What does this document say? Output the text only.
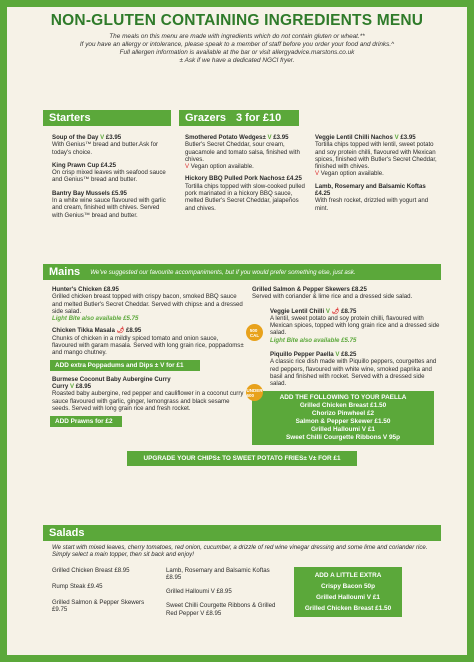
NON-GLUTEN CONTAINING INGREDIENTS MENU
The meals on this menu are made with ingredients which do not contain gluten or wheat.**
If you have an allergy or intolerance, please speak to a member of staff before you order your food and drinks.^
Full allergen information is available at the bar or visit allergyadvice.marstons.co.uk
± Ask if we have a dedicated NGCI fryer.
Starters
Soup of the Day V £3.95
With Genius™ bread and butter.Ask for today's choice.
King Prawn Cup £4.25
On crisp mixed leaves with seafood sauce and Genius™ bread and butter.
Bantry Bay Mussels £5.95
In a white wine sauce flavoured with garlic and cream, finished with chives. Served with Genius™ bread and butter.
Grazers 3 for £10
Smothered Potato Wedges± V £3.95
Butler's Secret Cheddar, sour cream, guacamole and tomato salsa, finished with chives.
V Vegan option available.
Hickory BBQ Pulled Pork Nachos± £4.25
Tortilla chips topped with slow-cooked pulled pork marinated in a hickory BBQ sauce, melted Butler's Secret Cheddar, jalapeños and chives.
Veggie Lentil Chilli Nachos V £3.95
Tortilla chips topped with lentil, sweet potato and soy protein chilli, flavoured with Mexican spices, finished with Butler's Secret Cheddar, finished with chives.
V Vegan option available.
Lamb, Rosemary and Balsamic Koftas £4.25
With fresh rocket, drizzled with yogurt and mint.
Mains We've suggested our favourite accompaniments, but if you would prefer something else, just ask.
Hunter's Chicken £8.95
Grilled chicken breast topped with crispy bacon, smoked BBQ sauce and melted Butler's Secret Cheddar. Served with chips± and a dressed side salad.
Light Bite also available £5.75
Chicken Tikka Masala 🌶 £8.95
Chunks of chicken in a mildly spiced tomato and onion sauce, flavoured with garam masala. Served with long grain rice, poppadoms± and mango chutney.
ADD extra Poppadums and Dips ± V for £1
Burmese Coconut Baby Aubergine Curry
Curry V £8.95
Roasted baby aubergine, red pepper and cauliflower in a coconut curry sauce flavoured with garlic, ginger, lemongrass and black sesame seeds. Served with long grain rice and fresh rocket.
ADD Prawns for £2
Grilled Salmon & Pepper Skewers £8.25
Served with coriander & lime rice and a dressed side salad.
500
CAL
Veggie Lentil Chilli V 🌶 £8.75
A lentil, sweet potato and soy protein chilli, flavoured with Mexican spices, topped with long grain rice and a dressed side salad.
Light Bite also available £5.75
UNDER
600
Piquillo Pepper Paella V £8.25
A classic rice dish made with Piquillo peppers, courgettes and red peppers, flavoured with white wine, smoked paprika and basil and finished with rocket. Served with a dressed side salad.
ADD THE FOLLOWING TO YOUR PAELLA
Grilled Chicken Breast £1.50
Chorizo Pinwheel £2
Salmon & Pepper Skewer £1.50
Grilled Halloumi V £1
Sweet Chilli Courgette Ribbons V 95p
UPGRADE YOUR CHIPS± TO SWEET POTATO FRIES± V± FOR £1
Salads
We start with mixed leaves, cherry tomatoes, red onion, cucumber, a drizzle of red wine vinegar dressing and some lime and coriander rice. Simply select a main topper, then sit back and enjoy!
Grilled Chicken Breast £8.95
Rump Steak £9.45
Grilled Salmon & Pepper Skewers £9.75
Lamb, Rosemary and Balsamic Koftas £8.95
Grilled Halloumi V £8.95
Sweet Chilli Courgette Ribbons & Grilled Red Pepper V £8.95
ADD A LITTLE EXTRA
Crispy Bacon 50p
Grilled Halloumi V £1
Grilled Chicken Breast £1.50
